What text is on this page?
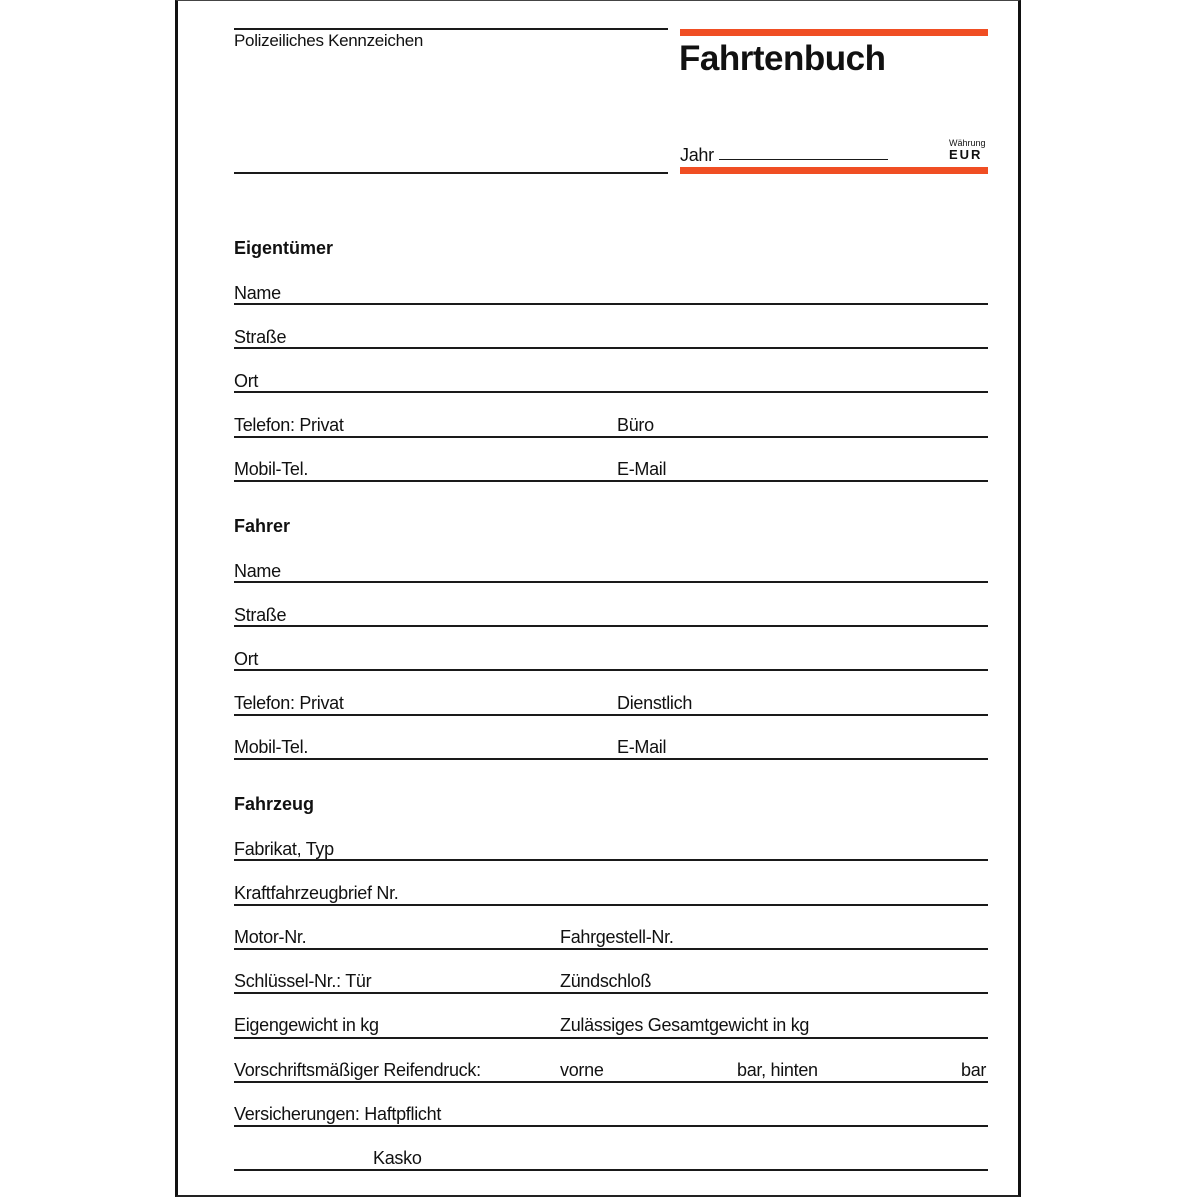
Polizeiliches Kennzeichen	Fahrtenbuch
Jahr
Währung
EUR
Eigentümer
Name
Straße
Ort
Telefon: Privat	Büro
Mobil-Tel.	E-Mail
Fahrer
Name
Straße
Ort
Telefon: Privat	Dienstlich
Mobil-Tel.	E-Mail
Fahrzeug
Fabrikat, Typ
Kraftfahrzeugbrief Nr.
Motor-Nr.	Fahrgestell-Nr.
Schlüssel-Nr.: Tür	Zündschloß
Eigengewicht in kg	Zulässiges Gesamtgewicht in kg
Vorschriftsmäßiger Reifendruck:	vorne	bar, hinten	bar
Versicherungen: Haftpflicht
Kasko
